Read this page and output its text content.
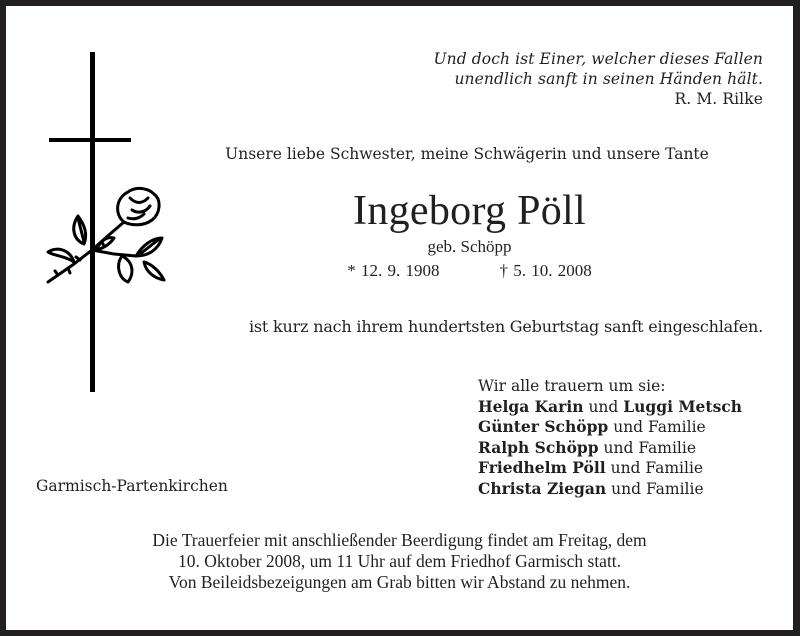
Und doch ist Einer, welcher dieses Fallen
unendlich sanft in seinen Händen hält.
R. M. Rilke
Unsere liebe Schwester, meine Schwägerin und unsere Tante
Ingeborg Pöll
geb. Schöpp
* 12. 9. 1908	† 5. 10. 2008
ist kurz nach ihrem hundertsten Geburtstag sanft eingeschlafen.
Wir alle trauern um sie:
Helga Karin und Luggi Metsch
Günter Schöpp und Familie
Ralph Schöpp und Familie
Friedhelm Pöll und Familie
Christa Ziegan und Familie
Garmisch-Partenkirchen
Die Trauerfeier mit anschließender Beerdigung findet am Freitag, dem
10. Oktober 2008, um 11 Uhr auf dem Friedhof Garmisch statt.
Von Beileidsbezeigungen am Grab bitten wir Abstand zu nehmen.
